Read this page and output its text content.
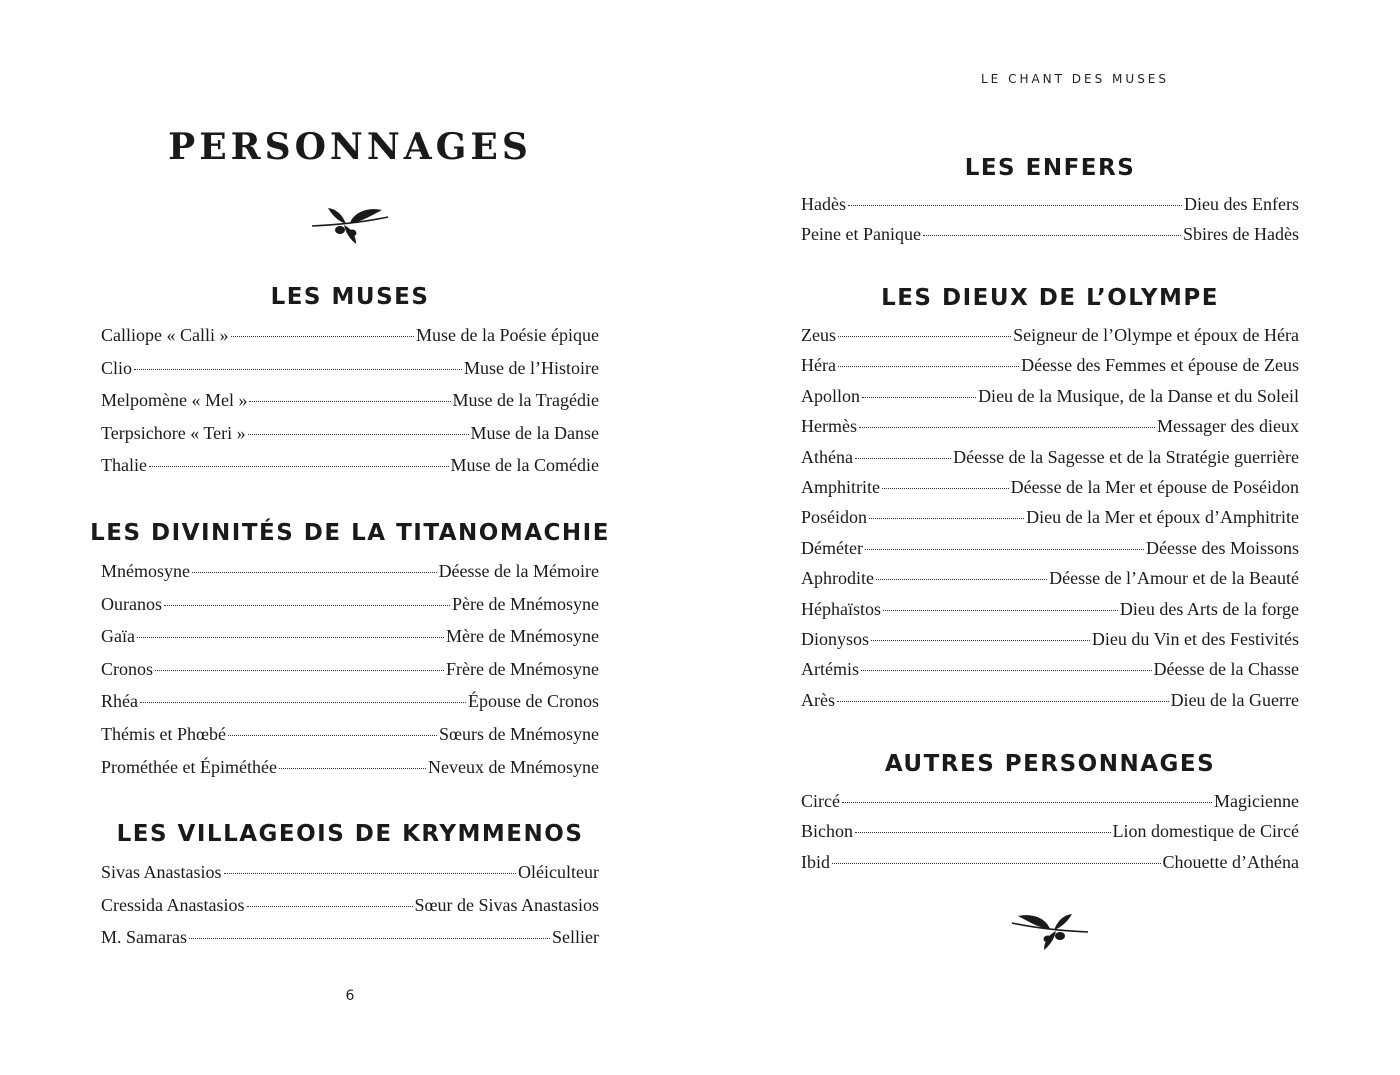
PERSONNAGES
LES MUSES
Calliope « Calli »	Muse de la Poésie épique
Clio	Muse de l’Histoire
Melpomène « Mel »	Muse de la Tragédie
Terpsichore « Teri »	Muse de la Danse
Thalie	Muse de la Comédie
LES DIVINITÉS DE LA TITANOMACHIE
Mnémosyne	Déesse de la Mémoire
Ouranos	Père de Mnémosyne
Gaïa	Mère de Mnémosyne
Cronos	Frère de Mnémosyne
Rhéa	Épouse de Cronos
Thémis et Phœbé	Sœurs de Mnémosyne
Prométhée et Épiméthée	Neveux de Mnémosyne
LES VILLAGEOIS DE KRYMMENOS
Sivas Anastasios	Oléiculteur
Cressida Anastasios	Sœur de Sivas Anastasios
M. Samaras	Sellier
6
LE CHANT DES MUSES
LES ENFERS
Hadès	Dieu des Enfers
Peine et Panique	Sbires de Hadès
LES DIEUX DE L’OLYMPE
Zeus	Seigneur de l’Olympe et époux de Héra
Héra	Déesse des Femmes et épouse de Zeus
Apollon	Dieu de la Musique, de la Danse et du Soleil
Hermès	Messager des dieux
Athéna	Déesse de la Sagesse et de la Stratégie guerrière
Amphitrite	Déesse de la Mer et épouse de Poséidon
Poséidon	Dieu de la Mer et époux d’Amphitrite
Déméter	Déesse des Moissons
Aphrodite	Déesse de l’Amour et de la Beauté
Héphaïstos	Dieu des Arts de la forge
Dionysos	Dieu du Vin et des Festivités
Artémis	Déesse de la Chasse
Arès	Dieu de la Guerre
AUTRES PERSONNAGES
Circé	Magicienne
Bichon	Lion domestique de Circé
Ibid	Chouette d’Athéna
